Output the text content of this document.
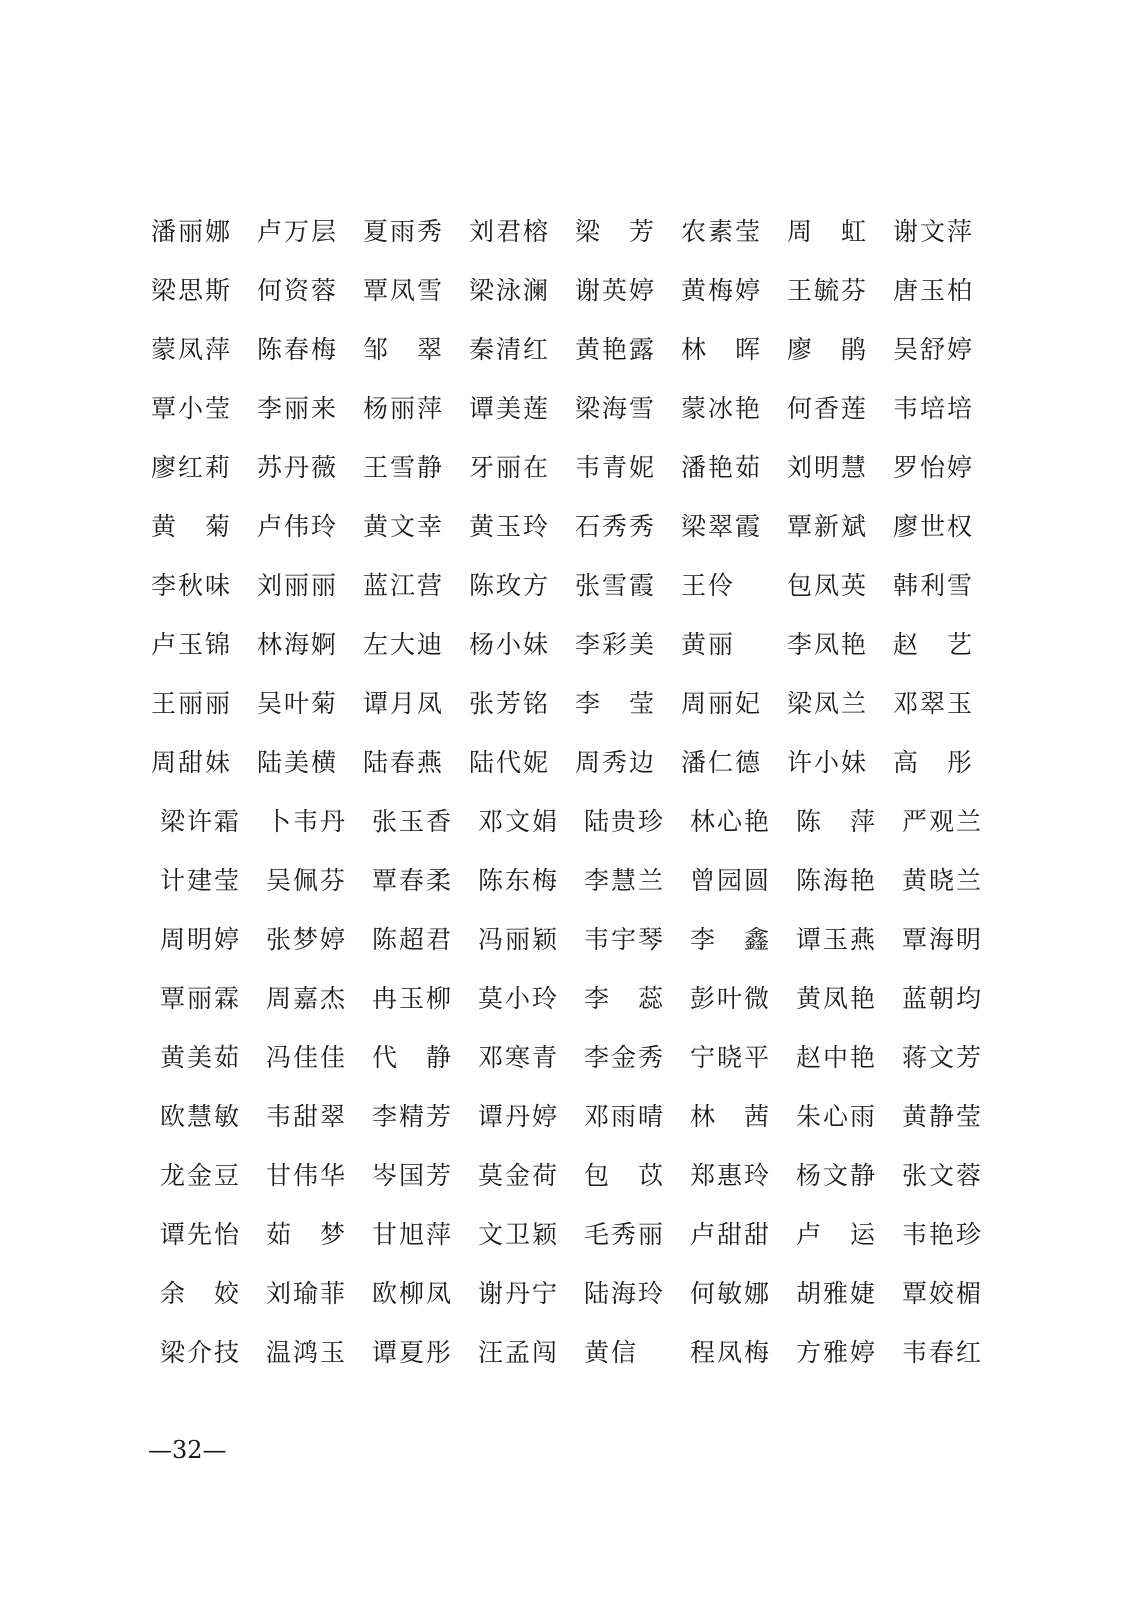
潘丽娜 卢万层 夏雨秀 刘君榕 梁　芳 农素莹 周　虹 谢文萍
梁思斯 何资蓉 覃凤雪 梁泳澜 谢英婷 黄梅婷 王毓芬 唐玉柏
蒙凤萍 陈春梅 邹　翠 秦清红 黄艳露 林　晖 廖　鹃 吴舒婷
覃小莹 李丽来 杨丽萍 谭美莲 梁海雪 蒙冰艳 何香莲 韦培培
廖红莉 苏丹薇 王雪静 牙丽在 韦青妮 潘艳茹 刘明慧 罗怡婷
黄　菊 卢伟玲 黄文幸 黄玉玲 石秀秀 梁翠霞 覃新斌 廖世权
李秋味 刘丽丽 蓝江营 陈玫方 张雪霞 王伶	包凤英 韩利雪
卢玉锦 林海婀 左大迪 杨小妹 李彩美 黄丽	李凤艳 赵　艺
王丽丽 吴叶菊 谭月凤 张芳铭 李　莹 周丽妃 梁凤兰 邓翠玉
周甜妹 陆美横 陆春燕 陆代妮 周秀边 潘仁德 许小妹 高　彤
梁许霜 卜韦丹 张玉香 邓文娟 陆贵珍 林心艳 陈　萍 严观兰
计建莹 吴佩芬 覃春柔 陈东梅 李慧兰 曾园圆 陈海艳 黄晓兰
周明婷 张梦婷 陈超君 冯丽颖 韦宇琴 李　鑫 谭玉燕 覃海明
覃丽霖 周嘉杰 冉玉柳 莫小玲 李　蕊 彭叶微 黄凤艳 蓝朝均
黄美茹 冯佳佳 代　静 邓寒青 李金秀 宁晓平 赵中艳 蒋文芳
欧慧敏 韦甜翠 李精芳 谭丹婷 邓雨晴 林　茜 朱心雨 黄静莹
龙金豆 甘伟华 岑国芳 莫金荷 包　苡 郑惠玲 杨文静 张文蓉
谭先怡 茹　梦 甘旭萍 文卫颖 毛秀丽 卢甜甜 卢　运 韦艳珍
余　姣 刘瑜菲 欧柳凤 谢丹宁 陆海玲 何敏娜 胡雅婕 覃姣楣
梁介技 温鸿玉 谭夏彤 汪孟闯 黄信	程凤梅 方雅婷 韦春红
—32—
